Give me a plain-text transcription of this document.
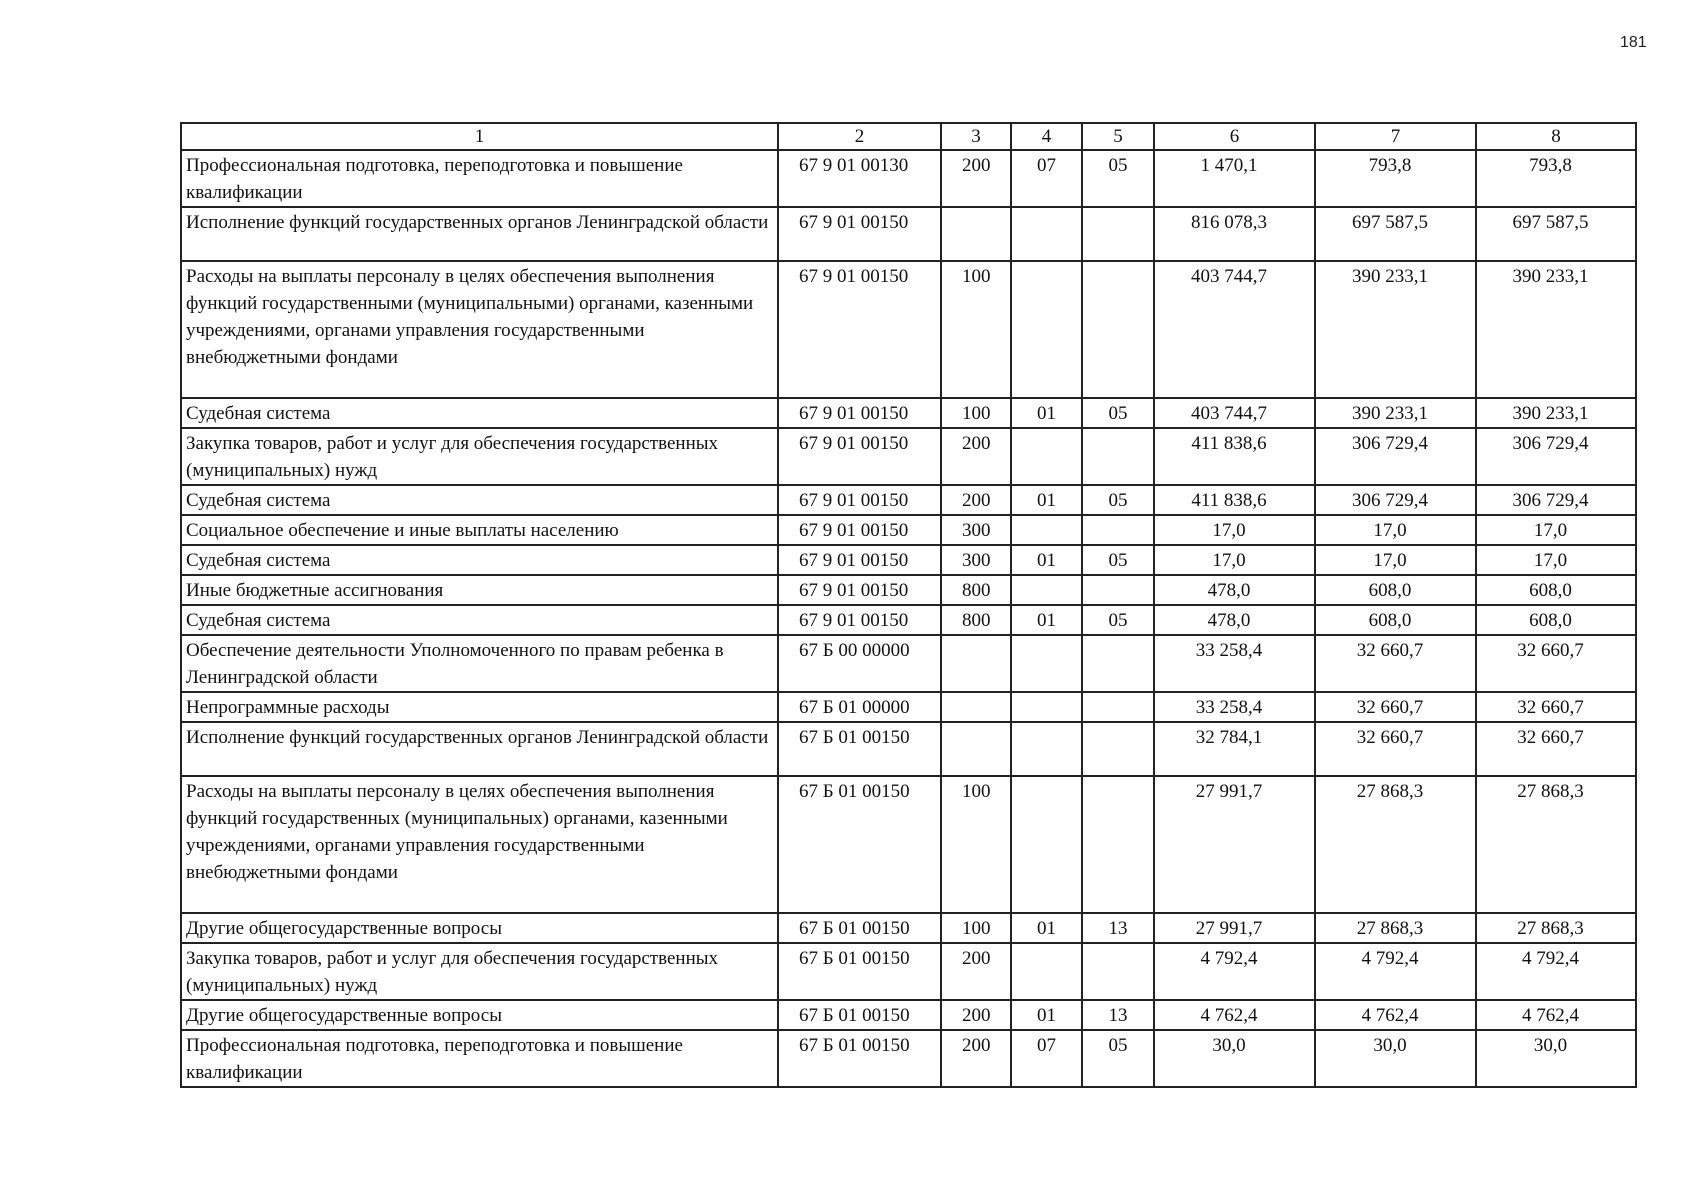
181
1	2	3	4	5	6	7	8
Профессиональная подготовка, переподготовка и повышение квалификации	67 9 01 00130	200	07	05	1 470,1	793,8	793,8
Исполнение функций государственных органов Ленинградской области	67 9 01 00150				816 078,3	697 587,5	697 587,5
Расходы на выплаты персоналу в целях обеспечения выполнения функций государственными (муниципальными) органами, казенными учреждениями, органами управления государственными внебюджетными фондами	67 9 01 00150	100			403 744,7	390 233,1	390 233,1
Судебная система	67 9 01 00150	100	01	05	403 744,7	390 233,1	390 233,1
Закупка товаров, работ и услуг для обеспечения государственных (муниципальных) нужд	67 9 01 00150	200			411 838,6	306 729,4	306 729,4
Судебная система	67 9 01 00150	200	01	05	411 838,6	306 729,4	306 729,4
Социальное обеспечение и иные выплаты населению	67 9 01 00150	300			17,0	17,0	17,0
Судебная система	67 9 01 00150	300	01	05	17,0	17,0	17,0
Иные бюджетные ассигнования	67 9 01 00150	800			478,0	608,0	608,0
Судебная система	67 9 01 00150	800	01	05	478,0	608,0	608,0
Обеспечение деятельности Уполномоченного по правам ребенка в Ленинградской области	67 Б 00 00000				33 258,4	32 660,7	32 660,7
Непрограммные расходы	67 Б 01 00000				33 258,4	32 660,7	32 660,7
Исполнение функций государственных органов Ленинградской области	67 Б 01 00150				32 784,1	32 660,7	32 660,7
Расходы на выплаты персоналу в целях обеспечения выполнения функций государственных (муниципальных) органами, казенными учреждениями, органами управления государственными внебюджетными фондами	67 Б 01 00150	100			27 991,7	27 868,3	27 868,3
Другие общегосударственные вопросы	67 Б 01 00150	100	01	13	27 991,7	27 868,3	27 868,3
Закупка товаров, работ и услуг для обеспечения государственных (муниципальных) нужд	67 Б 01 00150	200			4 792,4	4 792,4	4 792,4
Другие общегосударственные вопросы	67 Б 01 00150	200	01	13	4 762,4	4 762,4	4 762,4
Профессиональная подготовка, переподготовка и повышение квалификации	67 Б 01 00150	200	07	05	30,0	30,0	30,0
